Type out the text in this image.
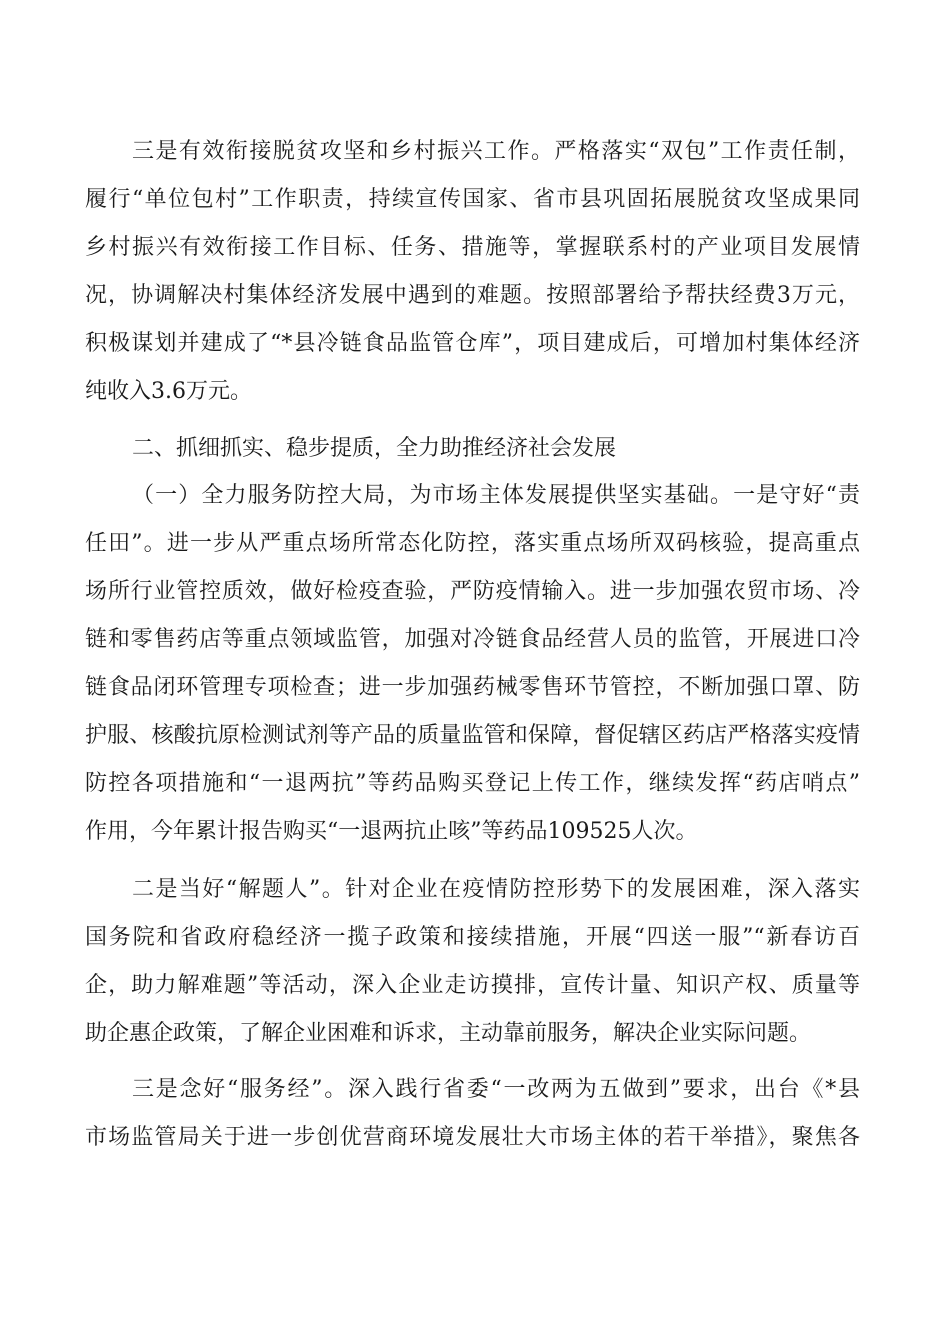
三是有效衔接脱贫攻坚和乡村振兴工作。严格落实“双包”工作责任制，
履行“单位包村”工作职责，持续宣传国家、省市县巩固拓展脱贫攻坚成果同
乡村振兴有效衔接工作目标、任务、措施等，掌握联系村的产业项目发展情
况，协调解决村集体经济发展中遇到的难题。按照部署给予帮扶经费3万元，
积极谋划并建成了“*县冷链食品监管仓库”，项目建成后，可增加村集体经济
纯收入3.6万元。
二、抓细抓实、稳步提质，全力助推经济社会发展
（一）全力服务防控大局，为市场主体发展提供坚实基础。一是守好“责
任田”。进一步从严重点场所常态化防控，落实重点场所双码核验，提高重点
场所行业管控质效，做好检疫查验，严防疫情输入。进一步加强农贸市场、冷
链和零售药店等重点领域监管，加强对冷链食品经营人员的监管，开展进口冷
链食品闭环管理专项检查；进一步加强药械零售环节管控，不断加强口罩、防
护服、核酸抗原检测试剂等产品的质量监管和保障，督促辖区药店严格落实疫情
防控各项措施和“一退两抗”等药品购买登记上传工作，继续发挥“药店哨点”
作用，今年累计报告购买“一退两抗止咳”等药品109525人次。
二是当好“解题人”。针对企业在疫情防控形势下的发展困难，深入落实
国务院和省政府稳经济一揽子政策和接续措施，开展“四送一服”“新春访百
企，助力解难题”等活动，深入企业走访摸排，宣传计量、知识产权、质量等
助企惠企政策，了解企业困难和诉求，主动靠前服务，解决企业实际问题。
三是念好“服务经”。深入践行省委“一改两为五做到”要求，出台《*县
市场监管局关于进一步创优营商环境发展壮大市场主体的若干举措》，聚焦各
